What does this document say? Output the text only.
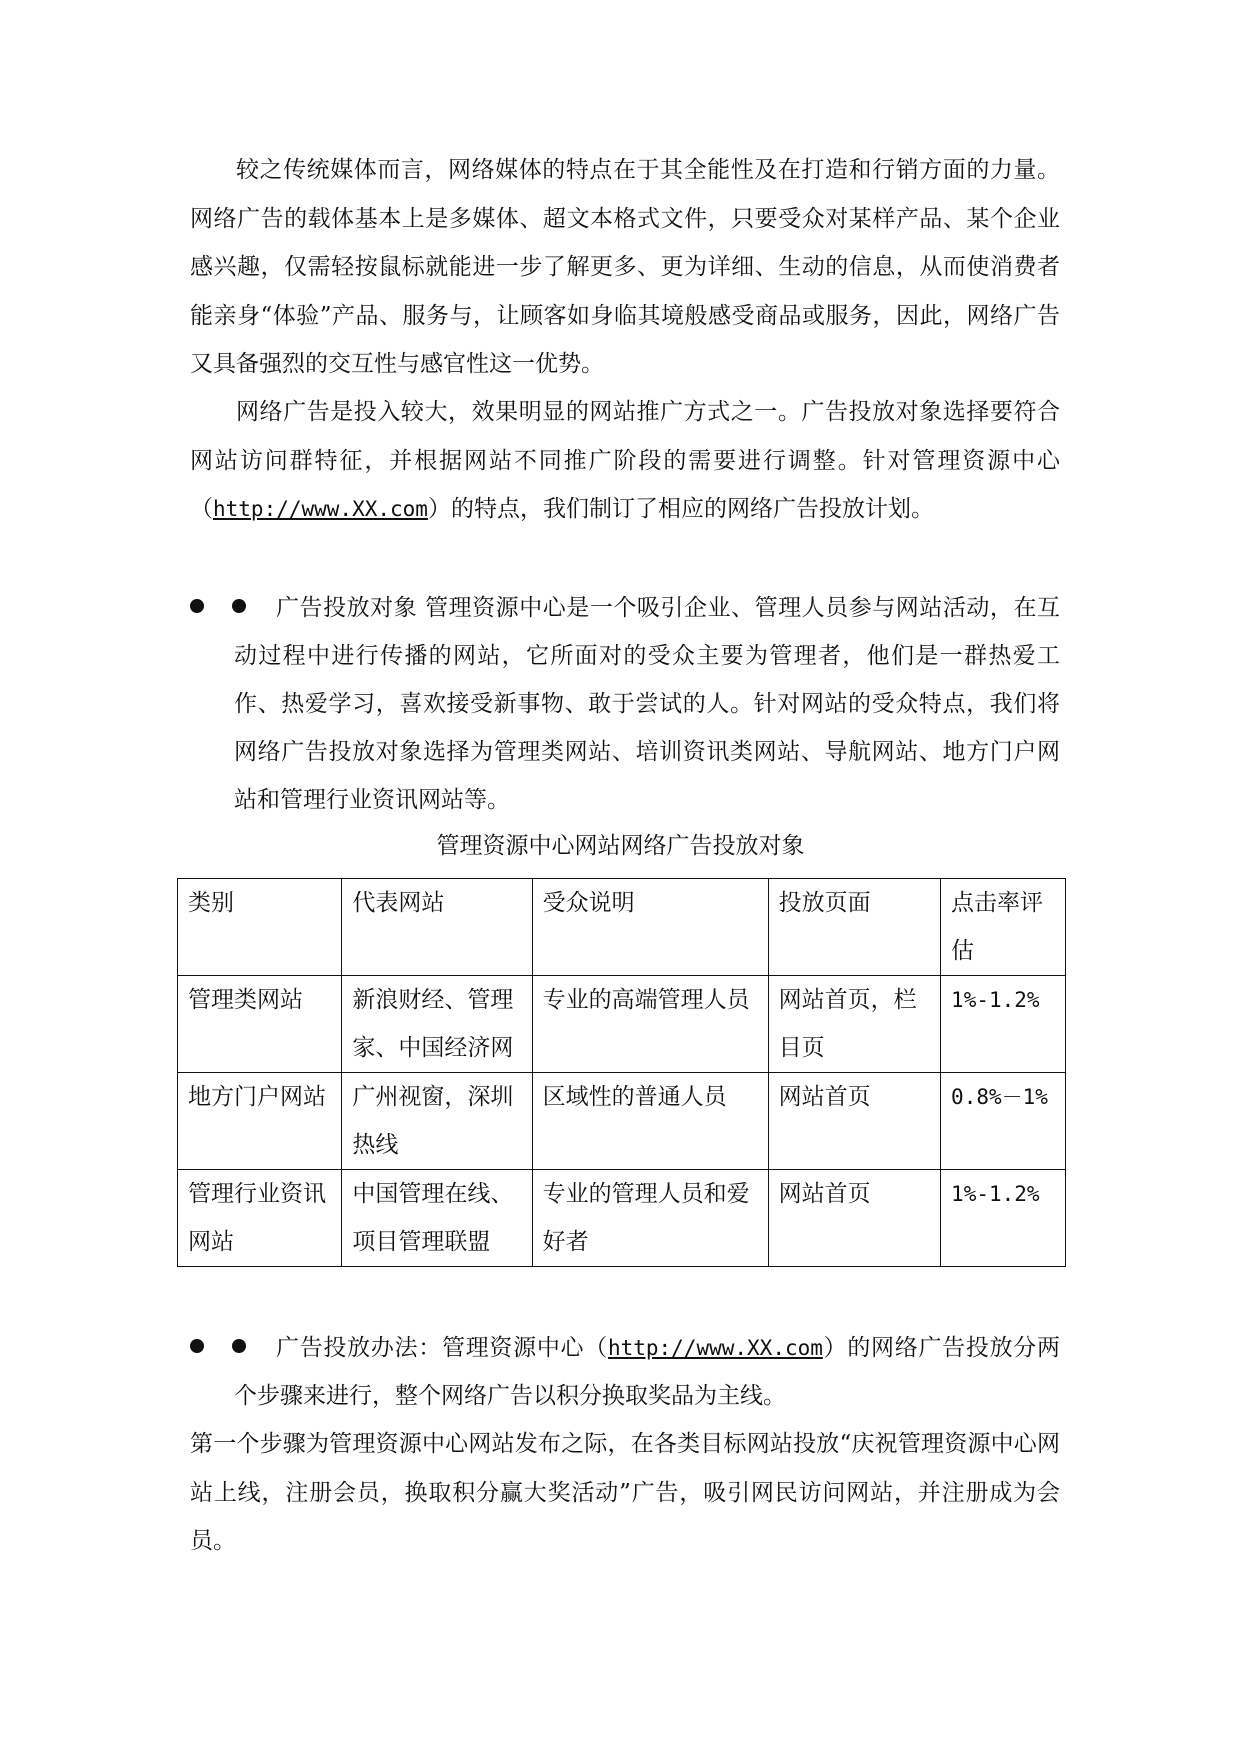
较之传统媒体而言，网络媒体的特点在于其全能性及在打造和行销方面的力量。网络广告的载体基本上是多媒体、超文本格式文件，只要受众对某样产品、某个企业感兴趣，仅需轻按鼠标就能进一步了解更多、更为详细、生动的信息，从而使消费者能亲身“体验”产品、服务与，让顾客如身临其境般感受商品或服务，因此，网络广告又具备强烈的交互性与感官性这一优势。

网络广告是投入较大，效果明显的网站推广方式之一。广告投放对象选择要符合网站访问群特征，并根据网站不同推广阶段的需要进行调整。针对管理资源中心（http://www.XX.com）的特点，我们制订了相应的网络广告投放计划。

广告投放对象 管理资源中心是一个吸引企业、管理人员参与网站活动，在互动过程中进行传播的网站，它所面对的受众主要为管理者，他们是一群热爱工作、热爱学习，喜欢接受新事物、敢于尝试的人。针对网站的受众特点，我们将网络广告投放对象选择为管理类网站、培训资讯类网站、导航网站、地方门户网站和管理行业资讯网站等。

管理资源中心网站网络广告投放对象
类别	代表网站	受众说明	投放页面	点击率评估
管理类网站	新浪财经、管理家、中国经济网	专业的高端管理人员	网站首页，栏目页	1%-1.2%
地方门户网站	广州视窗，深圳热线	区域性的普通人员	网站首页	0.8%－1%
管理行业资讯网站	中国管理在线、项目管理联盟	专业的管理人员和爱好者	网站首页	1%-1.2%

广告投放办法：管理资源中心（http://www.XX.com）的网络广告投放分两个步骤来进行，整个网络广告以积分换取奖品为主线。

第一个步骤为管理资源中心网站发布之际，在各类目标网站投放“庆祝管理资源中心网站上线，注册会员，换取积分赢大奖活动”广告，吸引网民访问网站，并注册成为会员。
